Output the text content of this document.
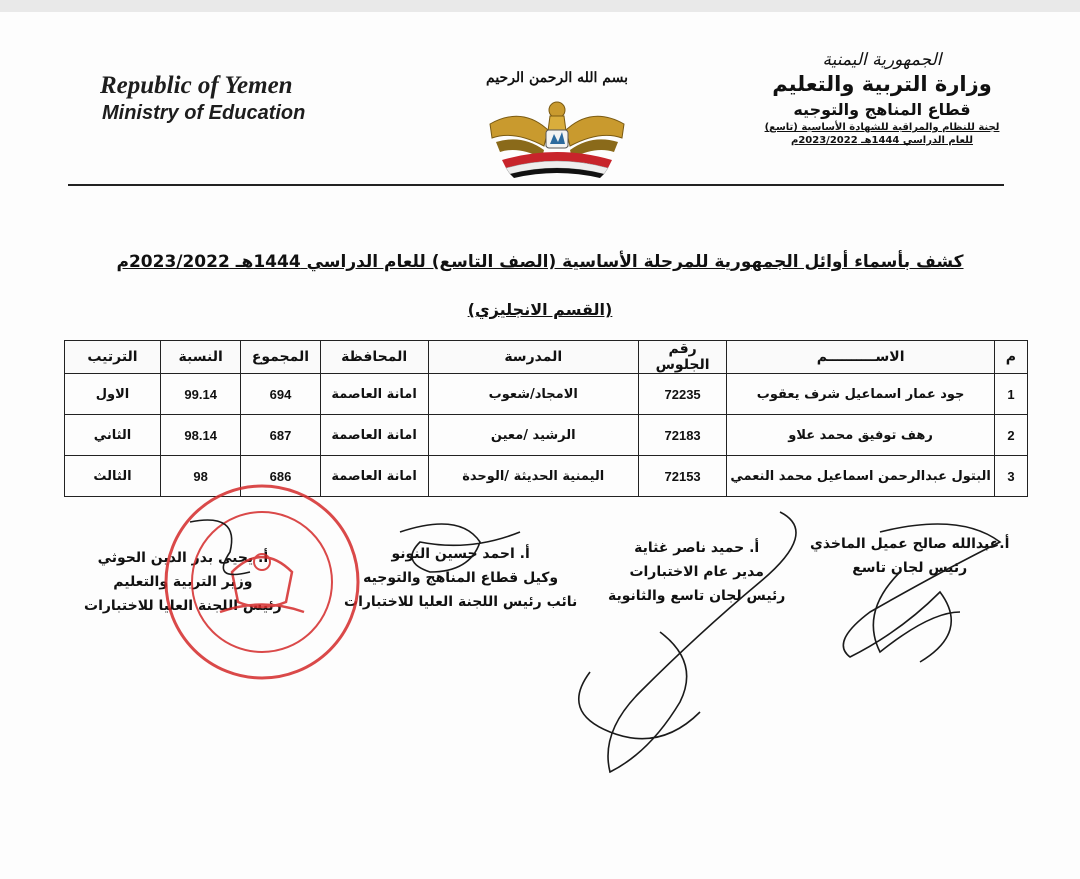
Republic of Yemen
Ministry of Education
بسم الله الرحمن الرحيم
الجمهورية اليمنية
وزارة التربية والتعليم
قطاع المناهج والتوجيه
لجنة للنظام والمراقبة للشهادة الأساسية (تاسع)
للعام الدراسي 1444هـ 2023/2022م
كشف بأسماء أوائل الجمهورية للمرحلة الأساسية (الصف التاسع) للعام الدراسي 1444هـ 2023/2022م
(القسم الانجليزي)
م	الاســــــــــم	رقم الجلوس	المدرسة	المحافظة	المجموع	النسبة	الترتيب
1	جود عمار اسماعيل شرف يعقوب	72235	الامجاد/شعوب	امانة العاصمة	694	99.14	الاول
2	رهف توفيق محمد علاو	72183	الرشيد /معين	امانة العاصمة	687	98.14	الثاني
3	البتول عبدالرحمن اسماعيل محمد النعمي	72153	اليمنية الحديثة /الوحدة	امانة العاصمة	686	98	الثالث
أ.عبدالله صالح عميل الماخذي
رئيس لجان تاسع
أ. حميد ناصر غثاية
مدير عام الاختبارات
رئيس لجان تاسع والثانوية
أ. احمد حسين النونو
وكيل قطاع المناهج والتوجيه
نائب رئيس اللجنة العليا للاختبارات
أ. يحيى بدر الدين الحوثي
وزير التربية والتعليم
رئيس اللجنة العليا للاختبارات
